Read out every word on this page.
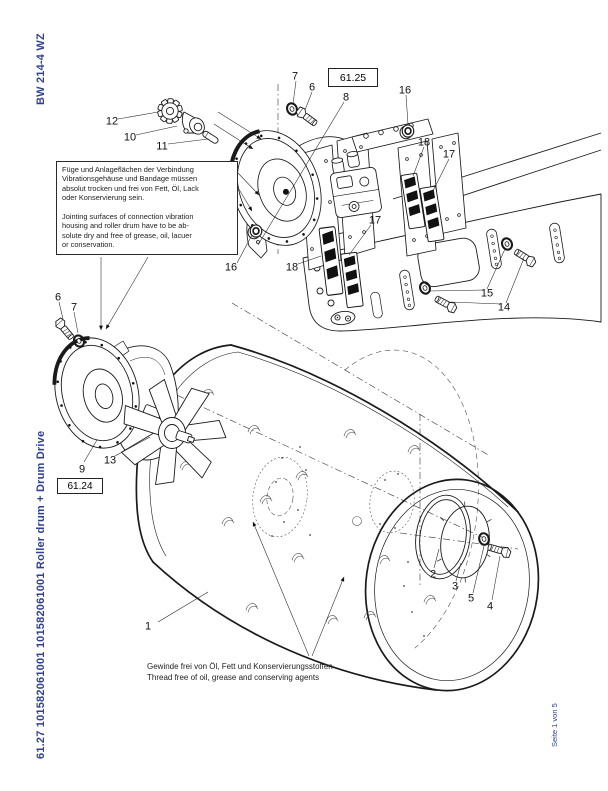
BW 214-4 WZ
61.27 101582061001 101582061001 Roller drum + Drum Drive	Seite 1 von 5
Füge und Anlageflächen der Verbindung
Vibrationsgehäuse und Bandage müssen
absolut trocken und frei von Fett, Öl, Lack
oder Konservierung sein.
Jointing surfaces of connection vibration
housing and roller drum have to be ab-
solute dry and free of grease, oil, lacuer
or conservation.
61.25
61.24
Gewinde frei von Öl, Fett und Konservierungsstoffen
Thread free of oil, grease and conserving agents
1
2
3
4
5
6
7
8
9
10
11
12
13
14
15
16
16
17
17
18
18
6
7
